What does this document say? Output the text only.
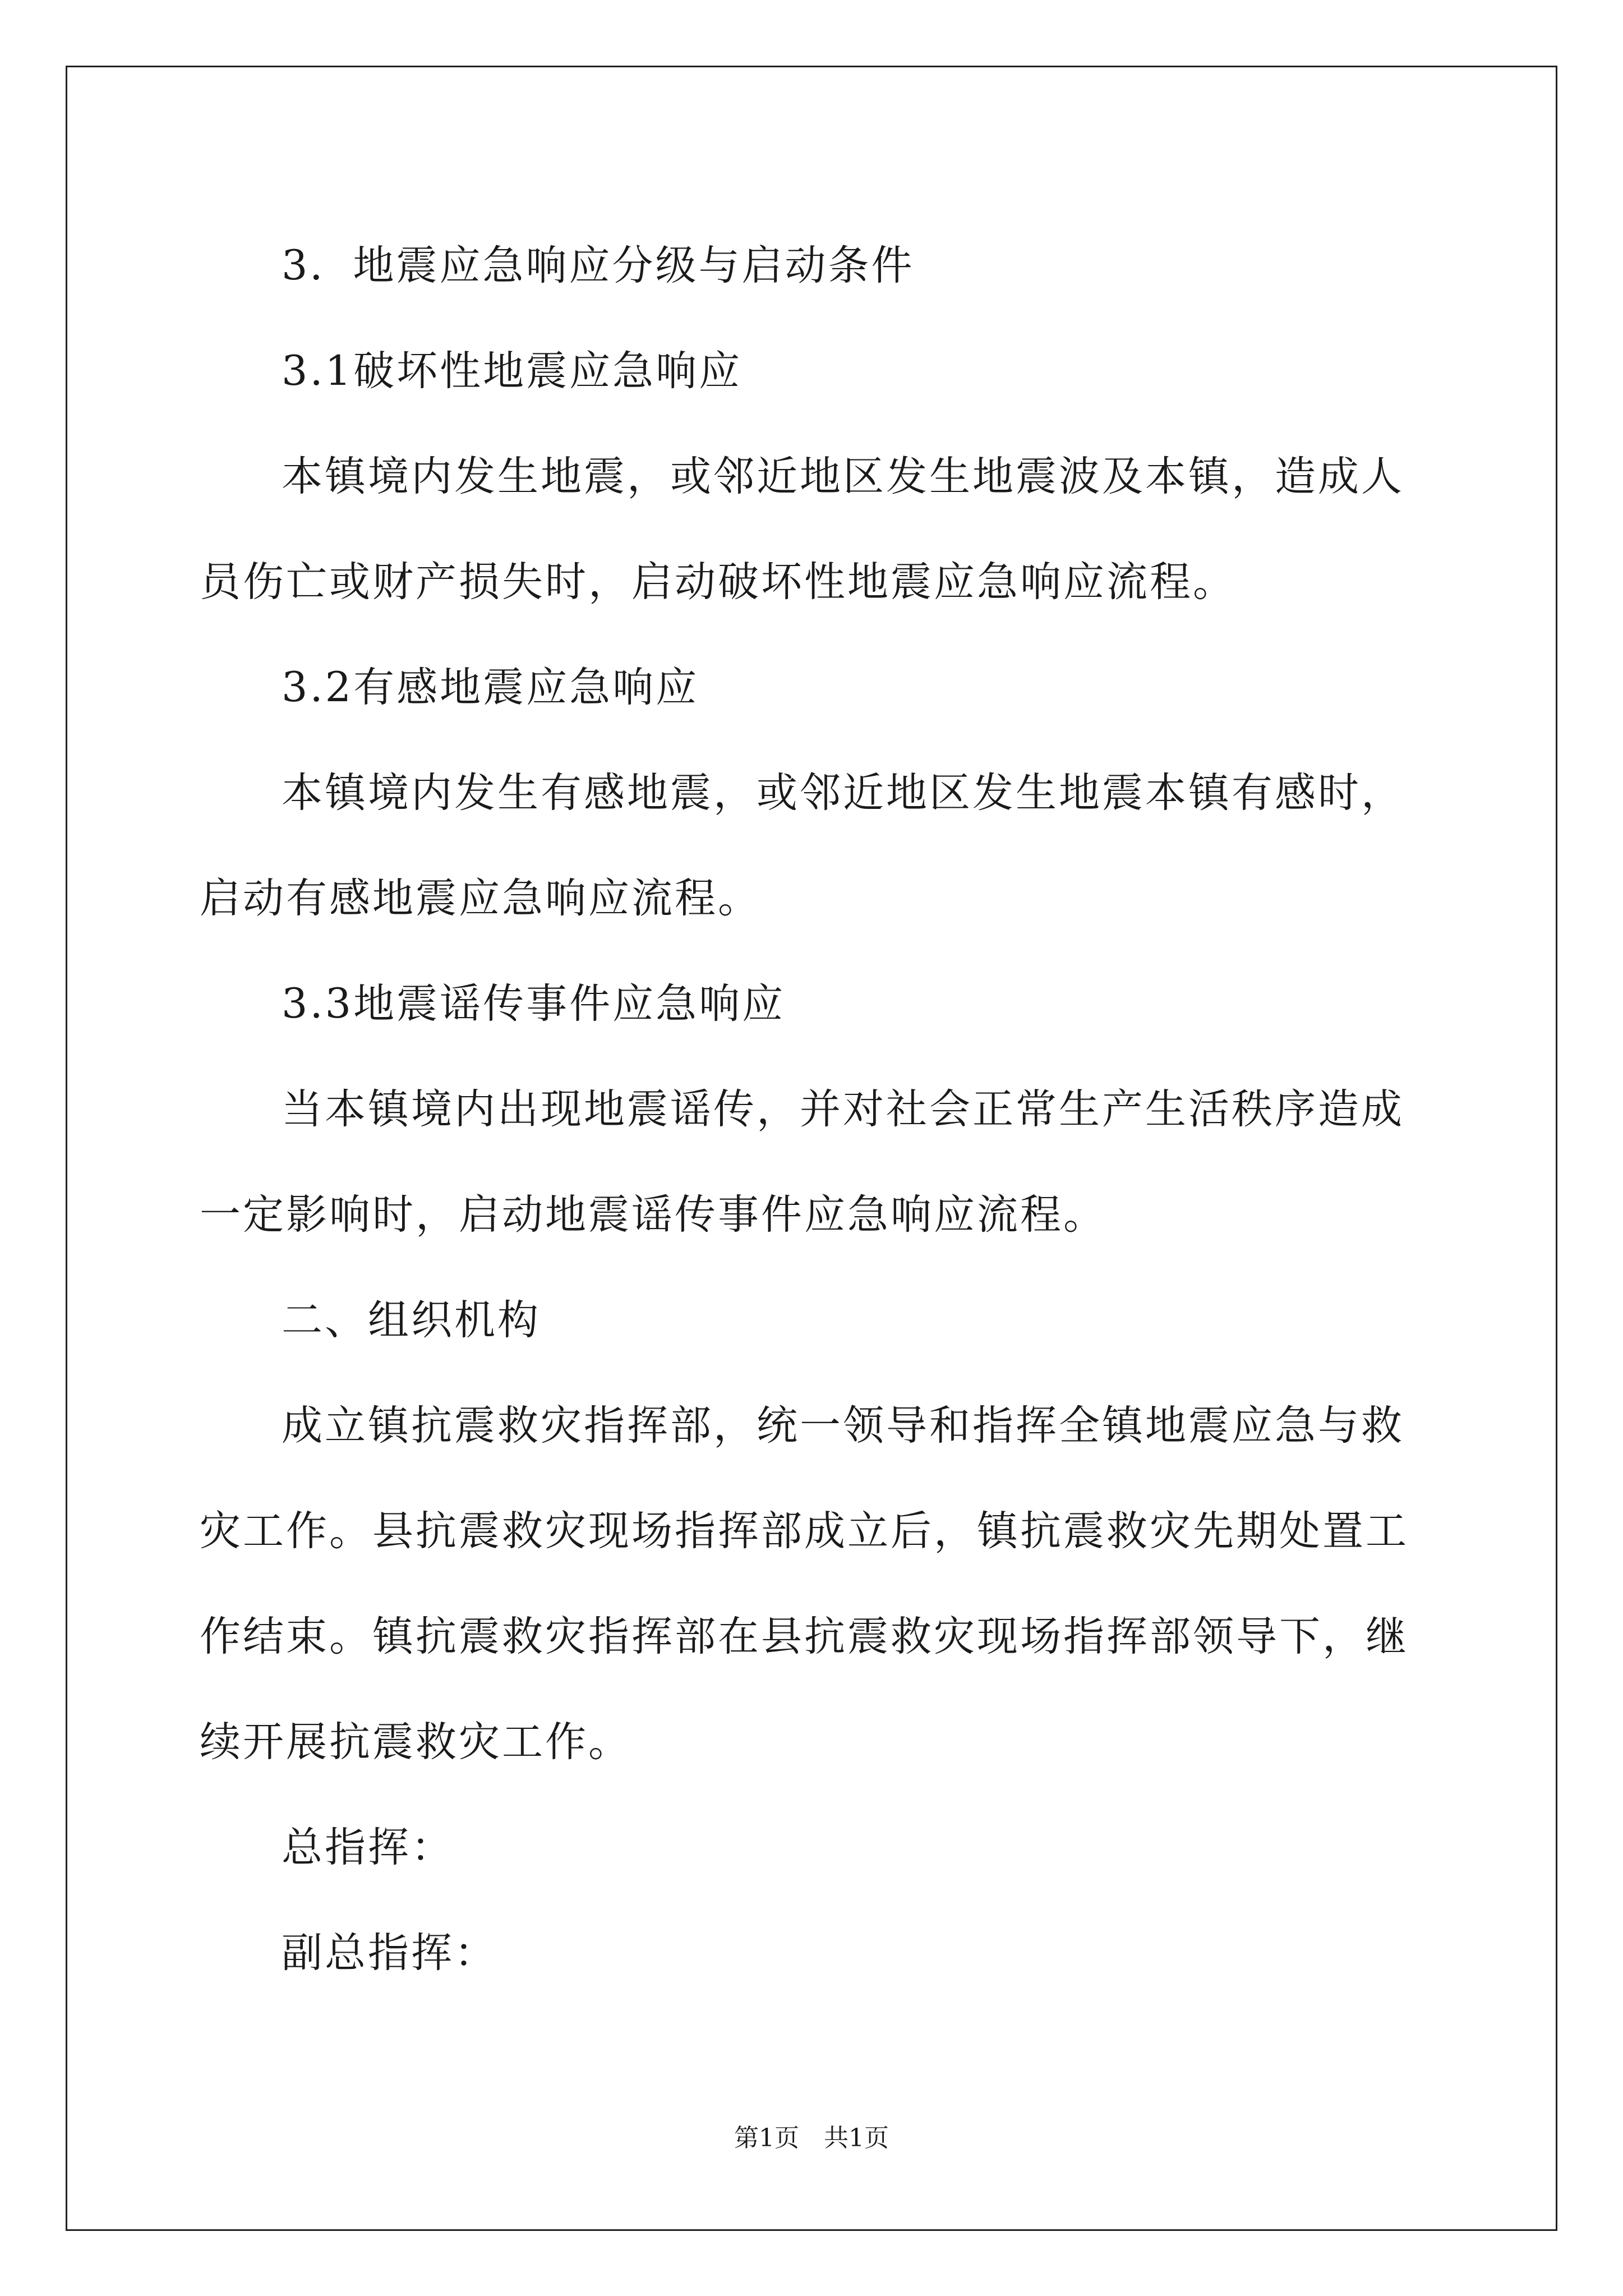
3．地震应急响应分级与启动条件

3.1破坏性地震应急响应

本镇境内发生地震，或邻近地区发生地震波及本镇，造成人员伤亡或财产损失时，启动破坏性地震应急响应流程。

3.2有感地震应急响应

本镇境内发生有感地震，或邻近地区发生地震本镇有感时，启动有感地震应急响应流程。

3.3地震谣传事件应急响应

当本镇境内出现地震谣传，并对社会正常生产生活秩序造成一定影响时，启动地震谣传事件应急响应流程。

二、组织机构

成立镇抗震救灾指挥部，统一领导和指挥全镇地震应急与救灾工作。县抗震救灾现场指挥部成立后，镇抗震救灾先期处置工作结束。镇抗震救灾指挥部在县抗震救灾现场指挥部领导下，继续开展抗震救灾工作。

总指挥：

副总指挥：

第1页　共1页
